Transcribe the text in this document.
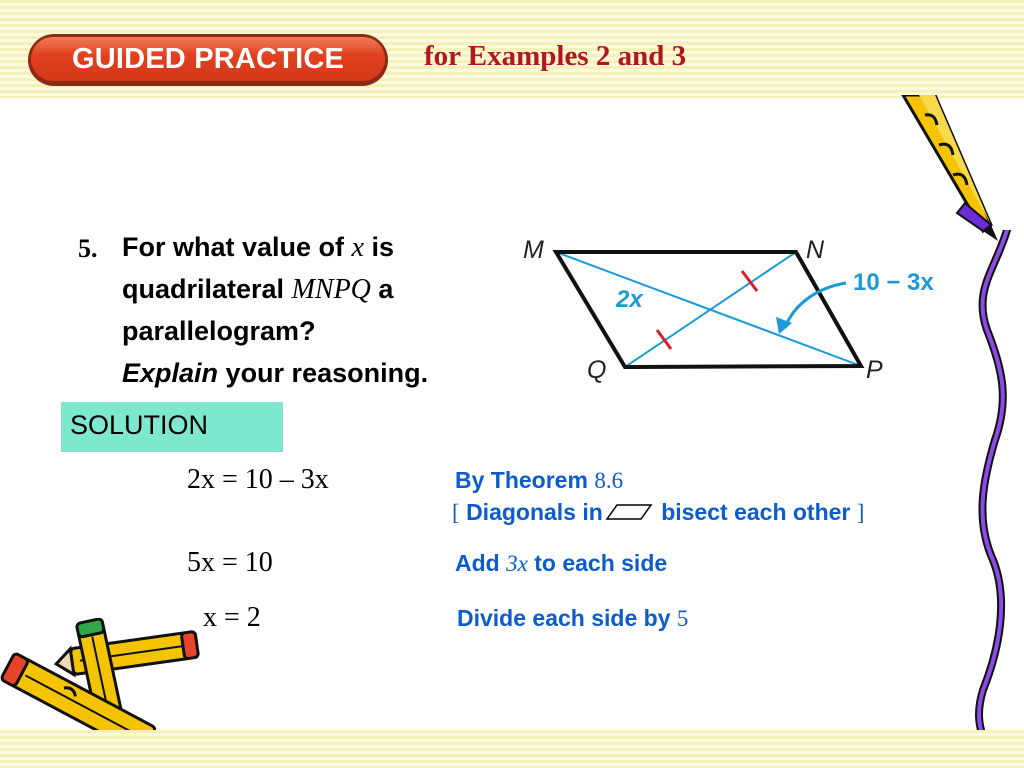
GUIDED PRACTICE	for Examples 2 and 3
5. For what value of x is
quadrilateral MNPQ a
parallelogram?
Explain your reasoning.
M	N
P
Q
2x
10 − 3x
SOLUTION
2x = 10 – 3x	By Theorem 8.6
[ Diagonals in	bisect each other ]
5x = 10	Add 3x to each side
x = 2	Divide each side by 5
